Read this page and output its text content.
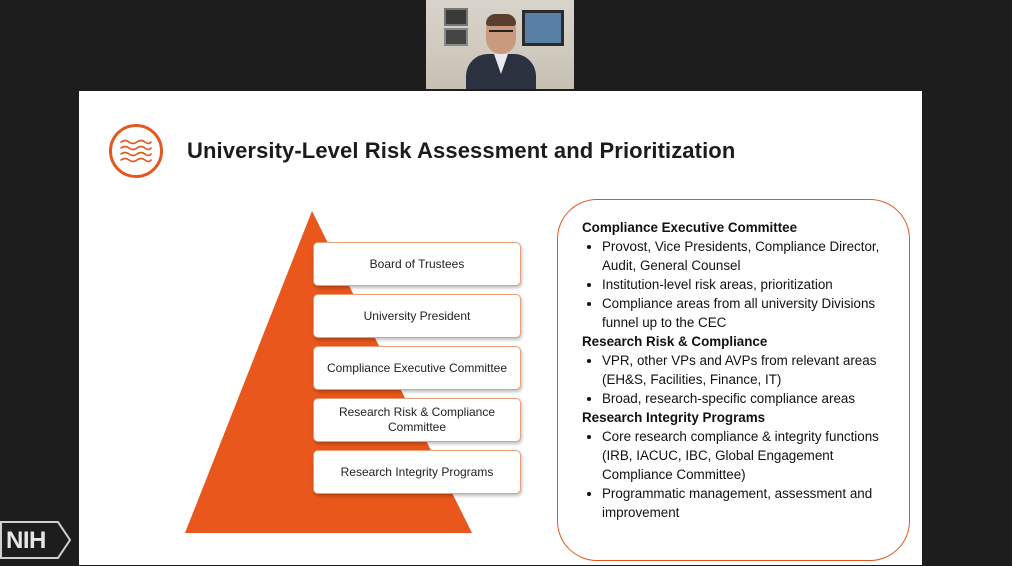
University-Level Risk Assessment and Prioritization
Board of Trustees
University President
Compliance Executive Committee
Research Risk & Compliance Committee
Research Integrity Programs
Compliance Executive Committee
• Provost, Vice Presidents, Compliance Director, Audit, General Counsel
• Institution-level risk areas, prioritization
• Compliance areas from all university Divisions funnel up to the CEC
Research Risk & Compliance
• VPR, other VPs and AVPs from relevant areas (EH&S, Facilities, Finance, IT)
• Broad, research-specific compliance areas
Research Integrity Programs
• Core research compliance & integrity functions (IRB, IACUC, IBC, Global Engagement Compliance Committee)
• Programmatic management, assessment and improvement
NIH
